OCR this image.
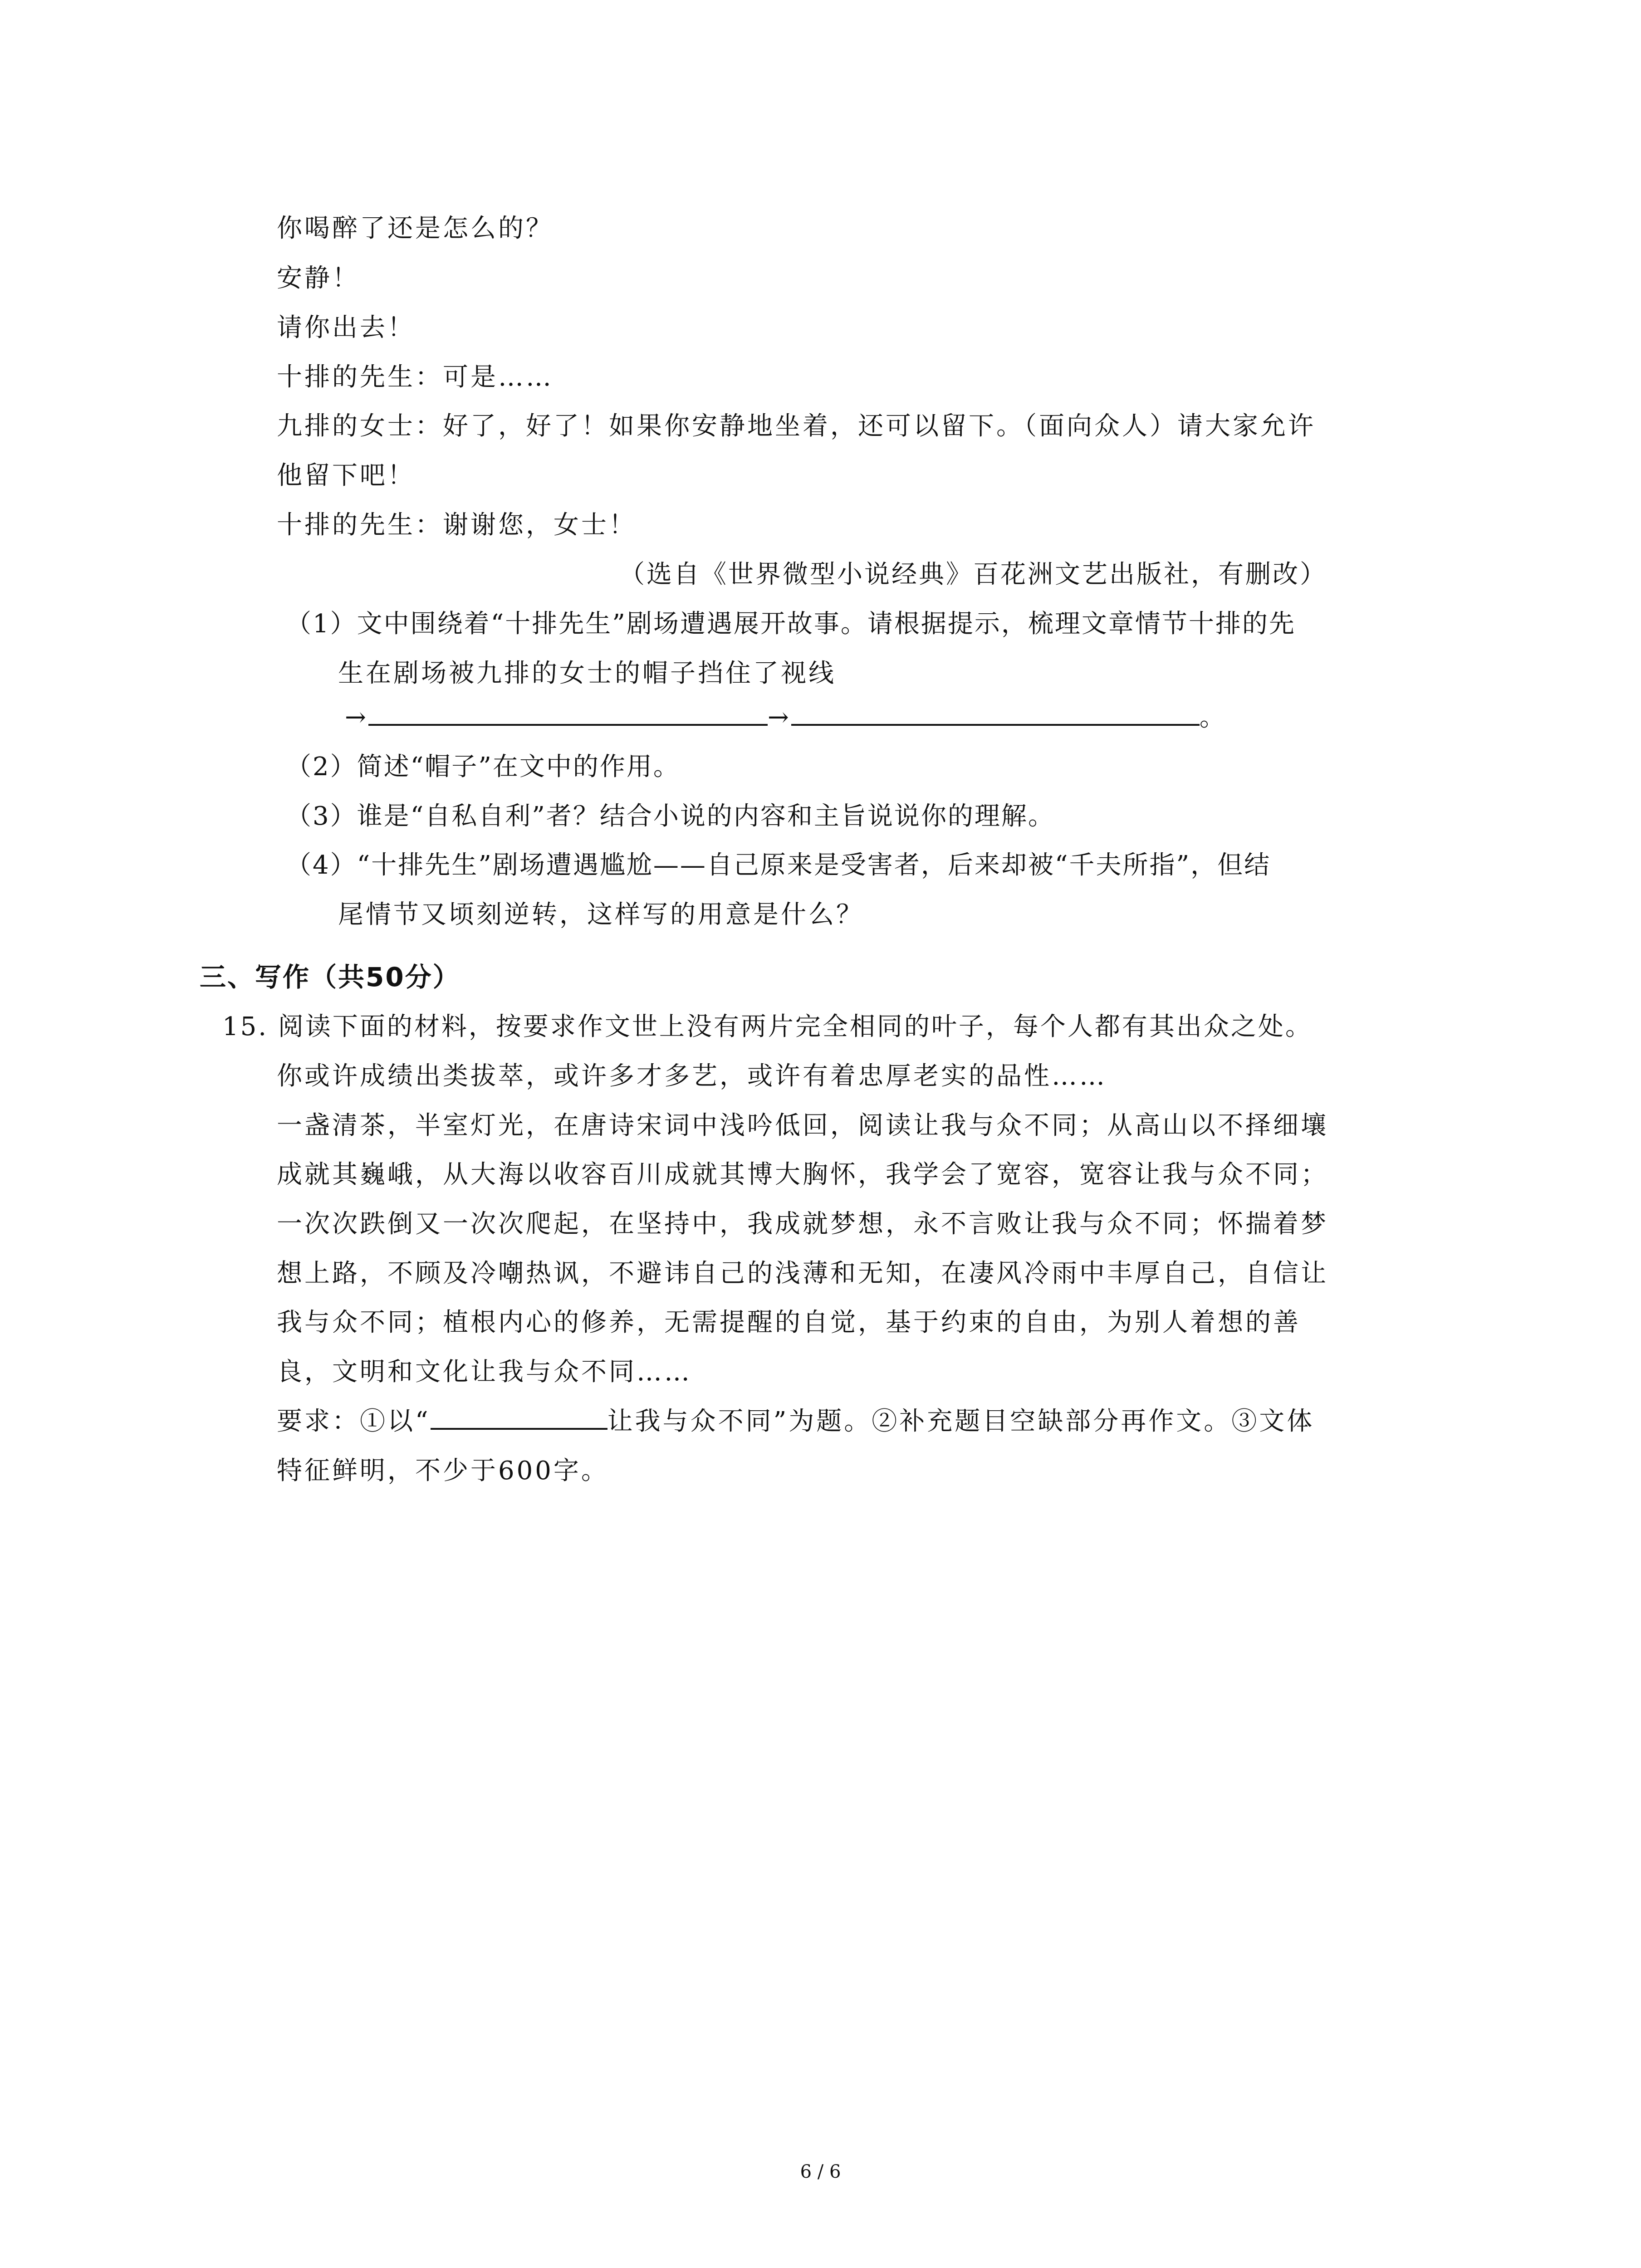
你喝醉了还是怎么的？
安静！
请你出去！
十排的先生：可是……
九排的女士：好了，好了！如果你安静地坐着，还可以留下。（面向众人）请大家允许
他留下吧！
十排的先生：谢谢您，女士！
（选自《世界微型小说经典》百花洲文艺出版社，有删改）
（1）文中围绕着“十排先生”剧场遭遇展开故事。请根据提示，梳理文章情节十排的先
生在剧场被九排的女士的帽子挡住了视线
→	→	。
（2）简述“帽子”在文中的作用。
（3）谁是“自私自利”者？结合小说的内容和主旨说说你的理解。
（4）“十排先生”剧场遭遇尴尬——自己原来是受害者，后来却被“千夫所指”，但结
尾情节又顷刻逆转，这样写的用意是什么？
三、写作（共50分）
15. 阅读下面的材料，按要求作文世上没有两片完全相同的叶子，每个人都有其出众之处。
你或许成绩出类拔萃，或许多才多艺，或许有着忠厚老实的品性……
一盏清茶，半室灯光，在唐诗宋词中浅吟低回，阅读让我与众不同；从高山以不择细壤
成就其巍峨，从大海以收容百川成就其博大胸怀，我学会了宽容，宽容让我与众不同；
一次次跌倒又一次次爬起，在坚持中，我成就梦想，永不言败让我与众不同；怀揣着梦
想上路，不顾及冷嘲热讽，不避讳自己的浅薄和无知，在凄风冷雨中丰厚自己，自信让
我与众不同；植根内心的修养，无需提醒的自觉，基于约束的自由，为别人着想的善
良，文明和文化让我与众不同……
要求：①以“	让我与众不同”为题。②补充题目空缺部分再作文。③文体
特征鲜明，不少于600字。
6 / 6
